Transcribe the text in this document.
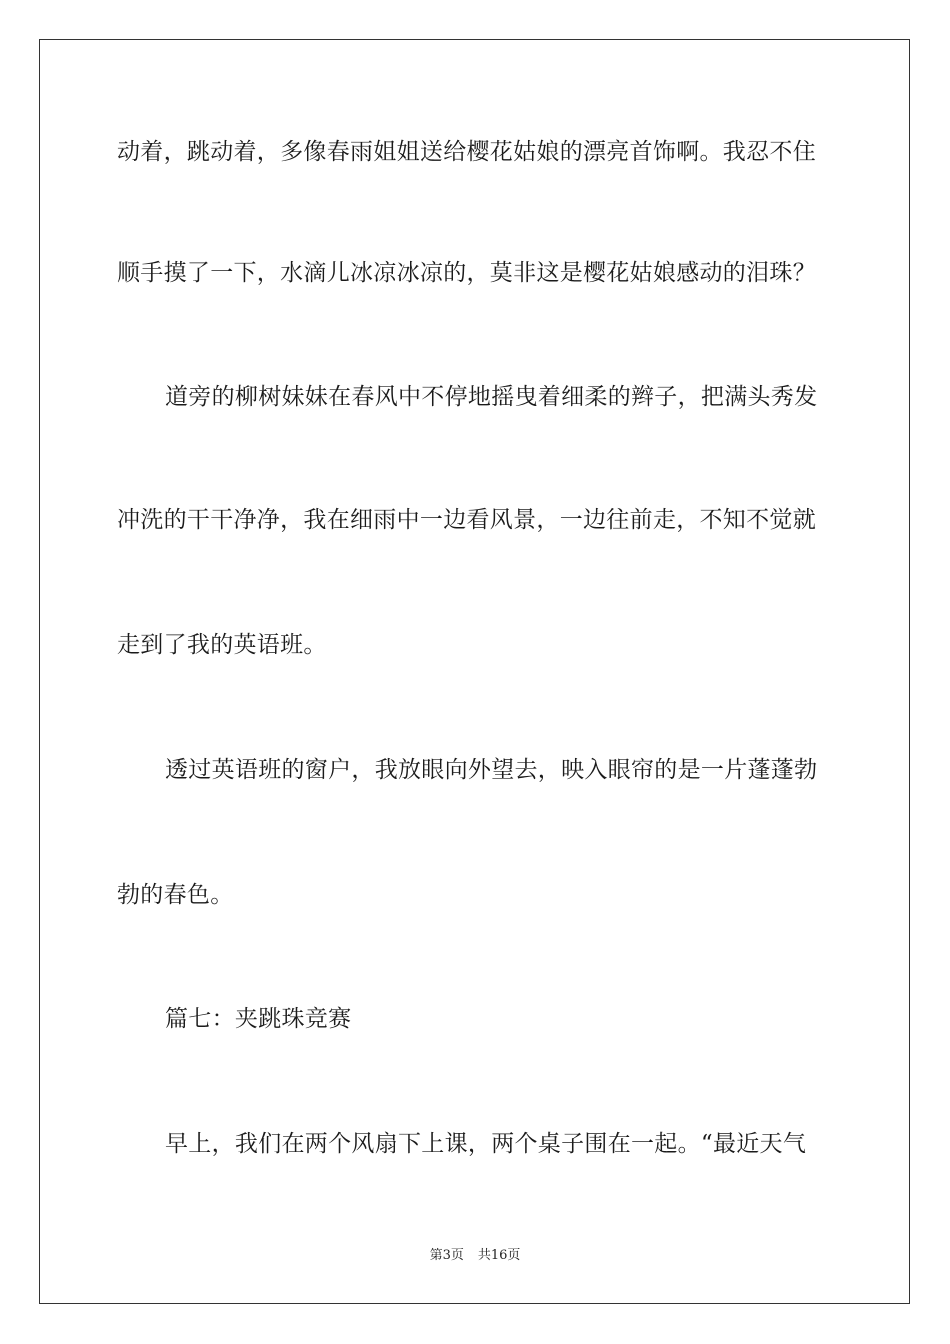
动着，跳动着，多像春雨姐姐送给樱花姑娘的漂亮首饰啊。我忍不住
顺手摸了一下，水滴儿冰凉冰凉的，莫非这是樱花姑娘感动的泪珠？
道旁的柳树妹妹在春风中不停地摇曳着细柔的辫子，把满头秀发
冲洗的干干净净，我在细雨中一边看风景，一边往前走，不知不觉就
走到了我的英语班。
透过英语班的窗户，我放眼向外望去，映入眼帘的是一片蓬蓬勃
勃的春色。
篇七：夹跳珠竞赛
早上，我们在两个风扇下上课，两个桌子围在一起。“最近天气
第3页 共16页
